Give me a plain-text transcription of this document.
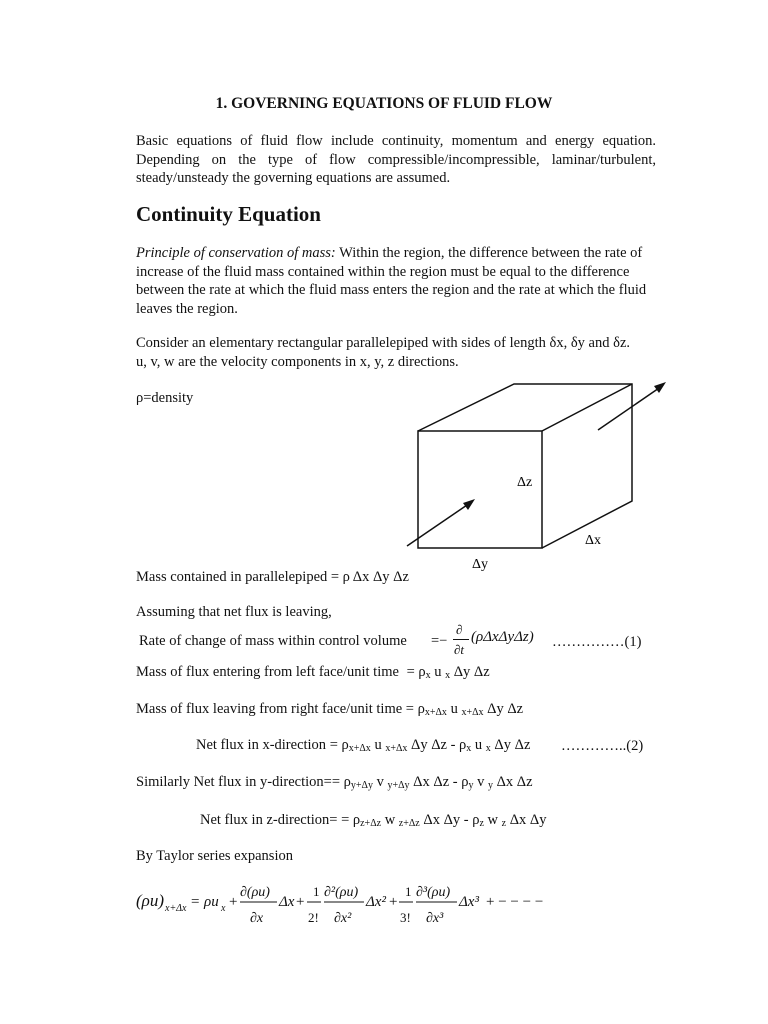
1. GOVERNING EQUATIONS OF FLUID FLOW
Basic equations of fluid flow include continuity, momentum and energy equation. Depending on the type of flow compressible/incompressible, laminar/turbulent, steady/unsteady the governing equations are assumed.
Continuity Equation
Principle of conservation of mass: Within the region, the difference between the rate of increase of the fluid mass contained within the region must be equal to the difference between the rate at which the fluid mass enters the region and the rate at which the fluid leaves the region.
Consider an elementary rectangular parallelepiped with sides of length δx, δy and δz.
u, v, w are the velocity components in x, y, z directions.
ρ=density
Δz
Δx
Δy
Mass contained in parallelepiped = ρ Δx Δy Δz
Assuming that net flux is leaving,
Rate of change of mass within control volume =−
∂
∂t
(ρΔxΔyΔz) ……………(1)
Mass of flux entering from left face/unit time = $\rho_x$ u $_x$ Δy Δz
Mass of flux leaving from right face/unit time = $\rho_{x+\Delta x}$ u $_{x+\Delta x}$ Δy Δz
Net flux in x-direction = $\rho_{x+\Delta x}$ u $_{x+\Delta x}$ Δy Δz - $\rho_x$ u $_x$ Δy Δz …………..(2)
Similarly Net flux in y-direction== $\rho_{y+\Delta y}$ v $_{y+\Delta y}$ Δx Δz - $\rho_y$ v $_y$ Δx Δz
Net flux in z-direction= = $\rho_{z+\Delta z}$ w $_{z+\Delta z}$ Δx Δy - $\rho_z$ w $_z$ Δx Δy
By Taylor series expansion
(ρu) x+Δx = ρu x +
∂(ρu)
∂x
Δx +
1
2!
∂²(ρu)
∂x²
Δx² +
1
3!
∂³(ρu)
∂x³
Δx³ + − − − −
